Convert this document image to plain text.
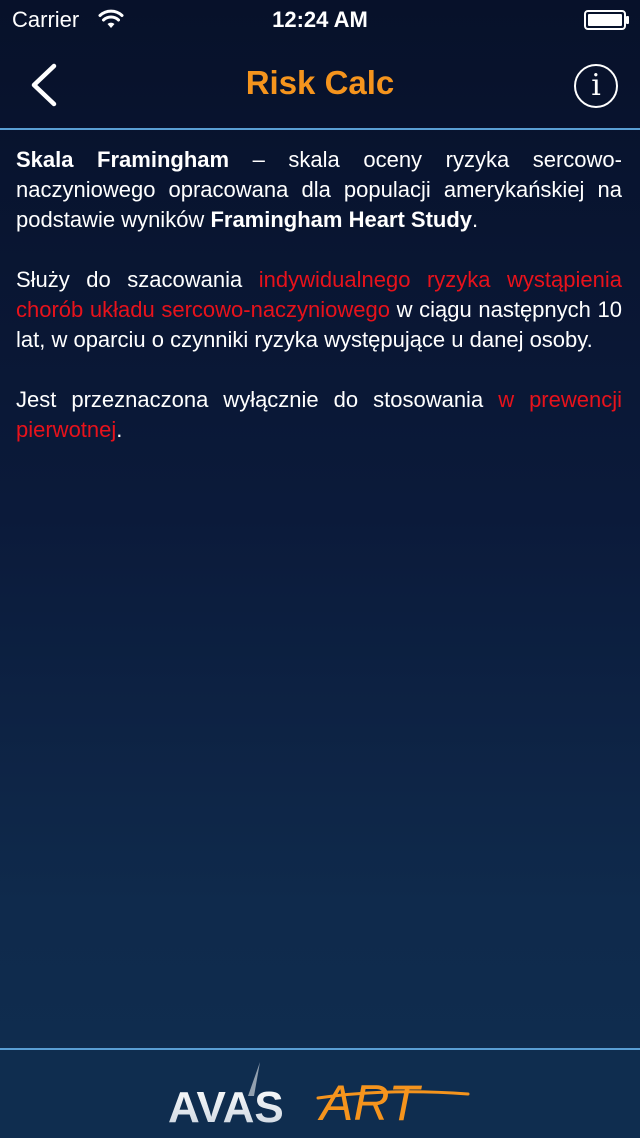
Carrier	12:24 AM
Risk Calc	i

Skala Framingham – skala oceny ryzyka sercowo-naczyniowego opracowana dla populacji amerykańskiej na podstawie wyników Framingham Heart Study.

Służy do szacowania indywidualnego ryzyka wystąpienia chorób układu sercowo-naczyniowego w ciągu następnych 10 lat, w oparciu o czynniki ryzyka występujące u danej osoby.

Jest przeznaczona wyłącznie do stosowania w prewencji pierwotnej.

AVAS ART
